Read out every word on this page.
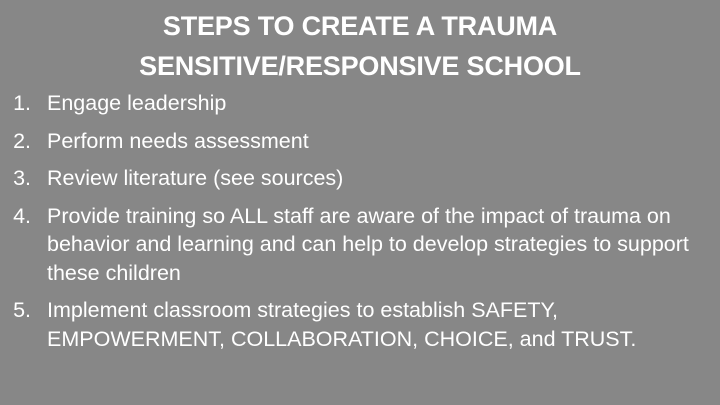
STEPS TO CREATE A TRAUMA
SENSITIVE/RESPONSIVE SCHOOL
1. Engage leadership
2. Perform needs assessment
3. Review literature (see sources)
4. Provide training so ALL staff are aware of the impact of trauma on behavior and learning and can help to develop strategies to support these children
5. Implement classroom strategies to establish SAFETY, EMPOWERMENT, COLLABORATION, CHOICE, and TRUST.
